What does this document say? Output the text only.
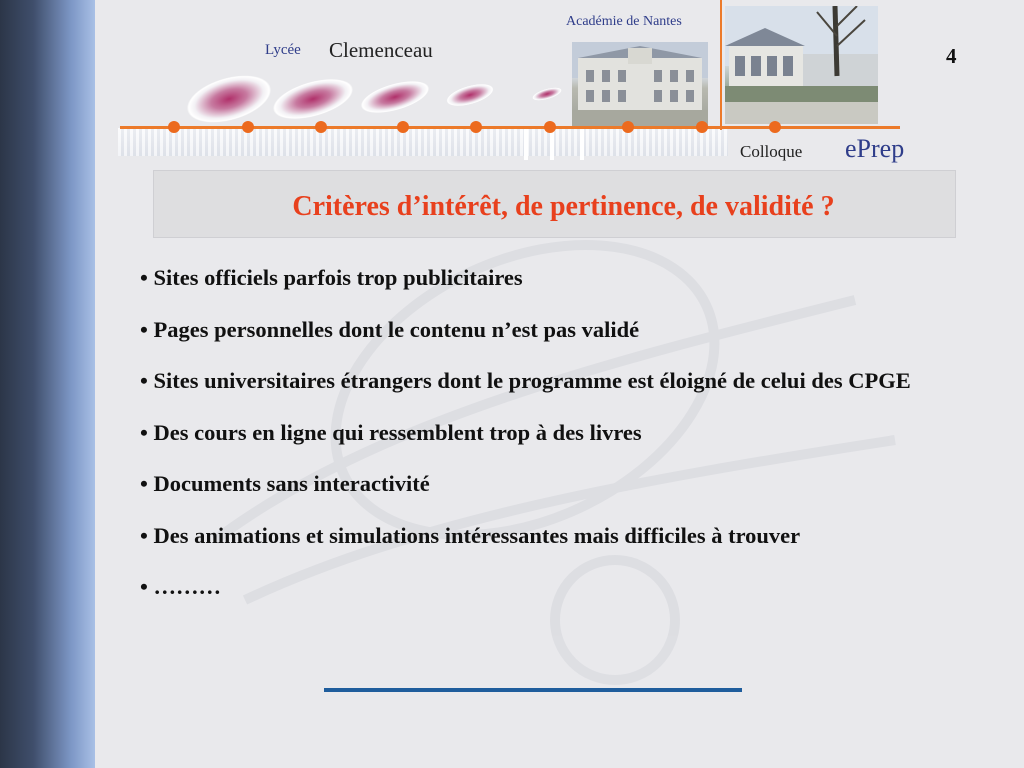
Lycée Clemenceau
Académie de Nantes
4
Colloque ePrep
Critères d’intérêt, de pertinence, de validité ?
• Sites officiels parfois trop publicitaires
• Pages personnelles dont le contenu n’est pas validé
• Sites universitaires étrangers dont le programme est éloigné de celui des CPGE
• Des cours en ligne qui ressemblent trop à des livres
• Documents sans interactivité
• Des animations et simulations intéressantes mais difficiles à trouver
• ………
